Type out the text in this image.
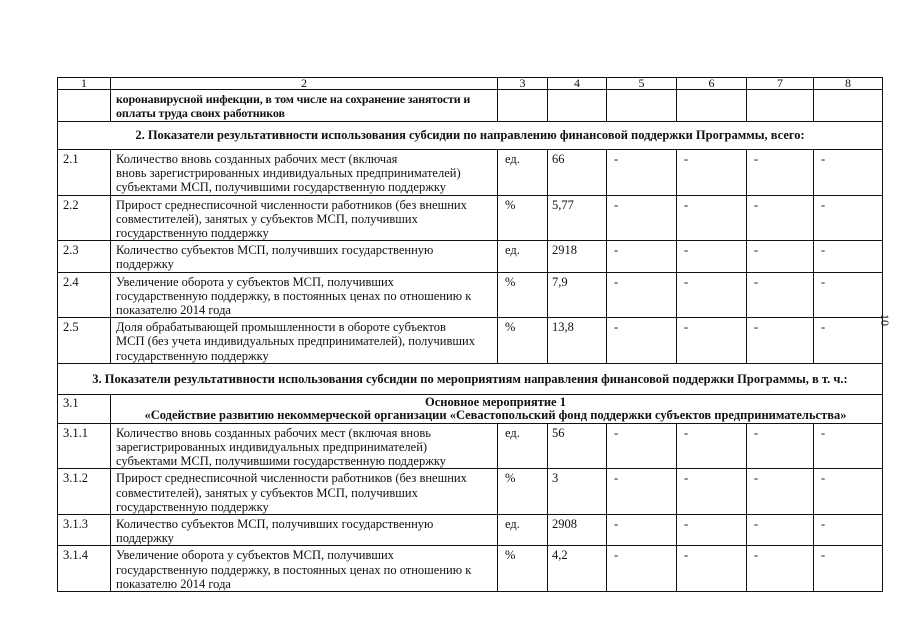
1	2	3	4	5	6	7	8

	коронавирусной инфекции, в том числе на сохранение занятости и
оплаты труда своих работников						

2. Показатели результативности использования субсидии по направлению финансовой поддержки Программы, всего:							
2.1	Количество вновь созданных рабочих мест (включая
вновь зарегистрированных индивидуальных предпринимателей)
субъектами МСП, получившими государственную поддержку	ед.	66	-	-	-	-
2.2	Прирост среднесписочной численности работников (без внешних
совместителей), занятых у субъектов МСП, получивших
государственную поддержку	%	5,77	-	-	-	-
2.3	Количество субъектов МСП, получивших государственную
поддержку	ед.	2918	-	-	-	-
2.4	Увеличение оборота у субъектов МСП, получивших
государственную поддержку, в постоянных ценах по отношению к
показателю 2014 года	%	7,9	-	-	-	-
2.5	Доля обрабатывающей промышленности в обороте субъектов
МСП (без учета индивидуальных предпринимателей), получивших
государственную поддержку	%	13,8	-	-	-	-
3. Показатели результативности использования субсидии по мероприятиям направления финансовой поддержки Программы, в т. ч.:							
3.1	Основное мероприятие 1
«Содействие развитию некоммерческой организации «Севастопольский фонд поддержки субъектов предпринимательства»						

3.1.1	Количество вновь созданных рабочих мест (включая вновь
зарегистрированных индивидуальных предпринимателей)
субъектами МСП, получившими государственную поддержку	ед.	56	-	-	-	-
3.1.2	Прирост среднесписочной численности работников (без внешних
совместителей), занятых у субъектов МСП, получивших
государственную поддержку	%	3	-	-	-	-
3.1.3	Количество субъектов МСП, получивших государственную
поддержку	ед.	2908	-	-	-	-
3.1.4	Увеличение оборота у субъектов МСП, получивших
государственную поддержку, в постоянных ценах по отношению к
показателю 2014 года	%	4,2	-	-	-	-
10
